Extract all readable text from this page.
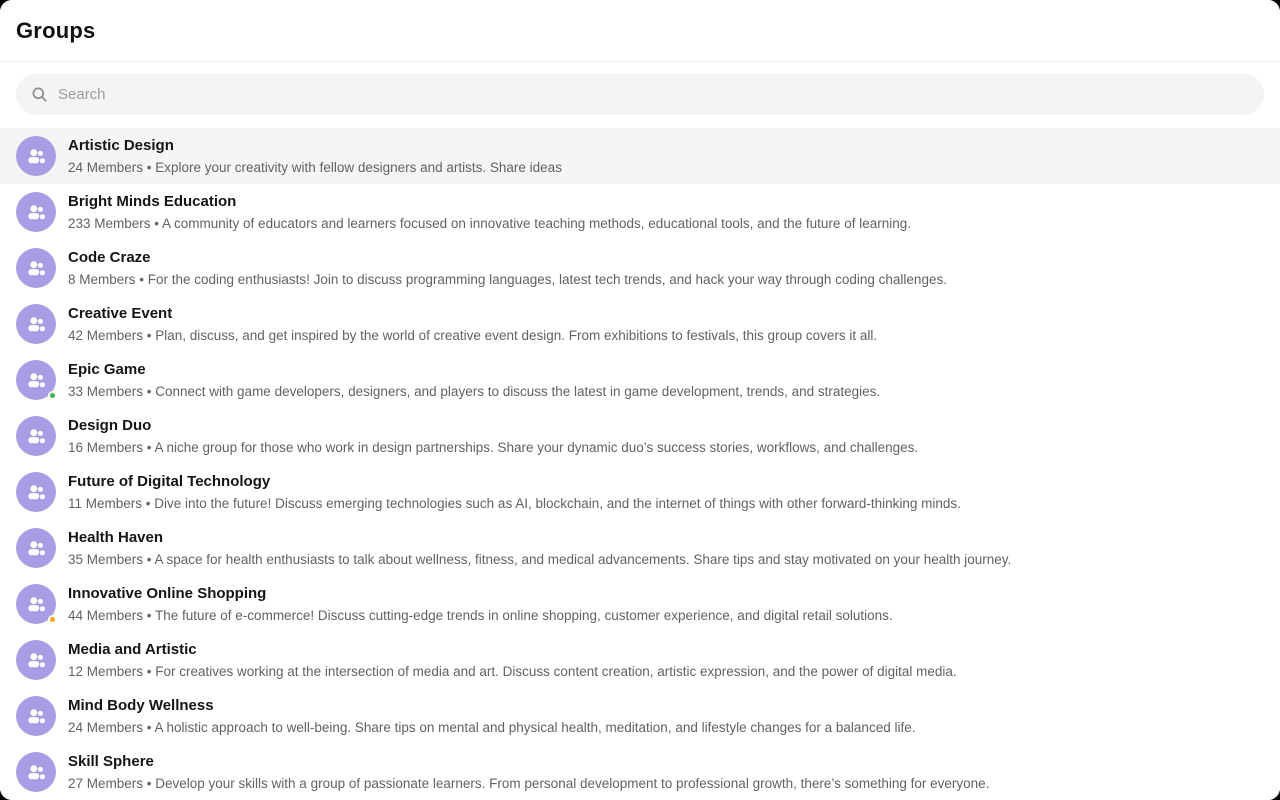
Groups
Search
Artistic Design
24 Members • Explore your creativity with fellow designers and artists. Share ideas
Bright Minds Education
233 Members • A community of educators and learners focused on innovative teaching methods, educational tools, and the future of learning.
Code Craze
8 Members • For the coding enthusiasts! Join to discuss programming languages, latest tech trends, and hack your way through coding challenges.
Creative Event
42 Members • Plan, discuss, and get inspired by the world of creative event design. From exhibitions to festivals, this group covers it all.
Epic Game
33 Members • Connect with game developers, designers, and players to discuss the latest in game development, trends, and strategies.
Design Duo
16 Members • A niche group for those who work in design partnerships. Share your dynamic duo’s success stories, workflows, and challenges.
Future of Digital Technology
11 Members • Dive into the future! Discuss emerging technologies such as AI, blockchain, and the internet of things with other forward-thinking minds.
Health Haven
35 Members • A space for health enthusiasts to talk about wellness, fitness, and medical advancements. Share tips and stay motivated on your health journey.
Innovative Online Shopping
44 Members • The future of e-commerce! Discuss cutting-edge trends in online shopping, customer experience, and digital retail solutions.
Media and Artistic
12 Members • For creatives working at the intersection of media and art. Discuss content creation, artistic expression, and the power of digital media.
Mind Body Wellness
24 Members • A holistic approach to well-being. Share tips on mental and physical health, meditation, and lifestyle changes for a balanced life.
Skill Sphere
27 Members • Develop your skills with a group of passionate learners. From personal development to professional growth, there’s something for everyone.
